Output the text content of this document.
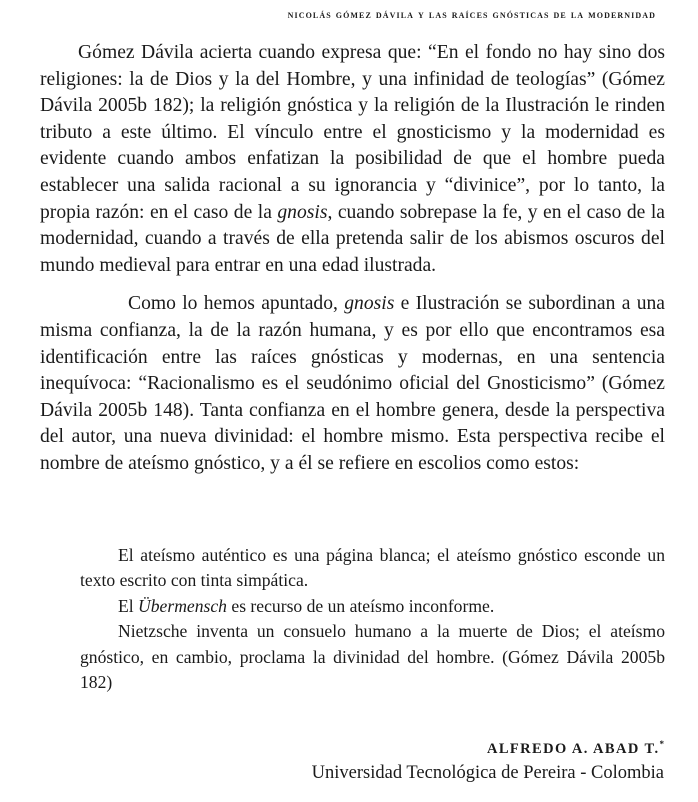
nicolás gómez dávila y las raíces gnósticas de la modernidad

Gómez Dávila acierta cuando expresa que: “En el fondo no hay sino dos religiones: la de Dios y la del Hombre, y una infinidad de teologías” (Gómez Dávila 2005b 182); la religión gnóstica y la religión de la Ilustración le rinden tributo a este último. El vínculo entre el gnosticismo y la modernidad es evidente cuando ambos enfatizan la posibilidad de que el hombre pueda establecer una salida racional a su ignorancia y “divinice”, por lo tanto, la propia razón: en el caso de la gnosis, cuando sobrepase la fe, y en el caso de la modernidad, cuando a través de ella pretenda salir de los abismos oscuros del mundo medieval para entrar en una edad ilustrada.

Como lo hemos apuntado, gnosis e Ilustración se subordinan a una misma confianza, la de la razón humana, y es por ello que encontramos esa identificación entre las raíces gnósticas y modernas, en una sentencia inequívoca: “Racionalismo es el seudónimo oficial del Gnosticismo” (Gómez Dávila 2005b 148). Tanta confianza en el hombre genera, desde la perspectiva del autor, una nueva divinidad: el hombre mismo. Esta perspectiva recibe el nombre de ateísmo gnóstico, y a él se refiere en escolios como estos:

El ateísmo auténtico es una página blanca; el ateísmo gnóstico esconde un texto escrito con tinta simpática.

El Übermensch es recurso de un ateísmo inconforme.

Nietzsche inventa un consuelo humano a la muerte de Dios; el ateísmo gnóstico, en cambio, proclama la divinidad del hombre. (Gómez Dávila 2005b 182)

ALFREDO A. ABAD T.*
Universidad Tecnológica de Pereira - Colombia
